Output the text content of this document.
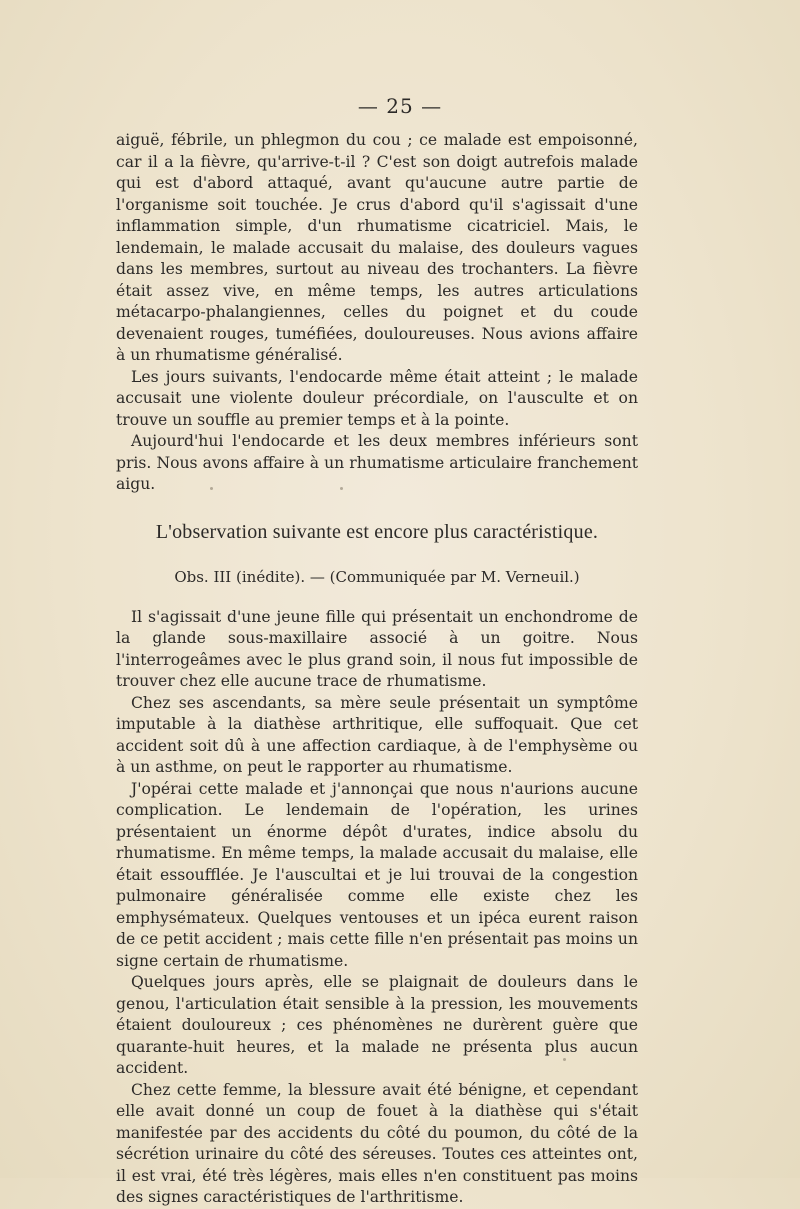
— 25 —

aiguë, fébrile, un phlegmon du cou ; ce malade est empoisonné, car il a la fièvre, qu'arrive-t-il ? C'est son doigt autrefois malade qui est d'abord attaqué, avant qu'aucune autre partie de l'organisme soit touchée. Je crus d'abord qu'il s'agissait d'une inflammation simple, d'un rhumatisme cicatriciel. Mais, le lendemain, le malade accusait du malaise, des douleurs vagues dans les membres, surtout au niveau des trochanters. La fièvre était assez vive, en même temps, les autres articulations métacarpo-phalangiennes, celles du poignet et du coude devenaient rouges, tuméfiées, douloureuses. Nous avions affaire à un rhumatisme généralisé.

Les jours suivants, l'endocarde même était atteint ; le malade accusait une violente douleur précordiale, on l'ausculte et on trouve un souffle au premier temps et à la pointe.

Aujourd'hui l'endocarde et les deux membres inférieurs sont pris. Nous avons affaire à un rhumatisme articulaire franchement aigu.

L'observation suivante est encore plus caractéristique.
Obs. III (inédite). — (Communiquée par M. Verneuil.)

Il s'agissait d'une jeune fille qui présentait un enchondrome de la glande sous-maxillaire associé à un goitre. Nous l'interrogeâmes avec le plus grand soin, il nous fut impossible de trouver chez elle aucune trace de rhumatisme.

Chez ses ascendants, sa mère seule présentait un symptôme imputable à la diathèse arthritique, elle suffoquait. Que cet accident soit dû à une affection cardiaque, à de l'emphysème ou à un asthme, on peut le rapporter au rhumatisme.

J'opérai cette malade et j'annonçai que nous n'aurions aucune complication. Le lendemain de l'opération, les urines présentaient un énorme dépôt d'urates, indice absolu du rhumatisme. En même temps, la malade accusait du malaise, elle était essoufflée. Je l'auscultai et je lui trouvai de la congestion pulmonaire généralisée comme elle existe chez les emphysémateux. Quelques ventouses et un ipéca eurent raison de ce petit accident ; mais cette fille n'en présentait pas moins un signe certain de rhumatisme.

Quelques jours après, elle se plaignait de douleurs dans le genou, l'articulation était sensible à la pression, les mouvements étaient douloureux ; ces phénomènes ne durèrent guère que quarante-huit heures, et la malade ne présenta plus aucun accident.

Chez cette femme, la blessure avait été bénigne, et cependant elle avait donné un coup de fouet à la diathèse qui s'était manifestée par des accidents du côté du poumon, du côté de la sécrétion urinaire du côté des séreuses. Toutes ces atteintes ont, il est vrai, été très légères, mais elles n'en constituent pas moins des signes caractéristiques de l'arthritisme.
